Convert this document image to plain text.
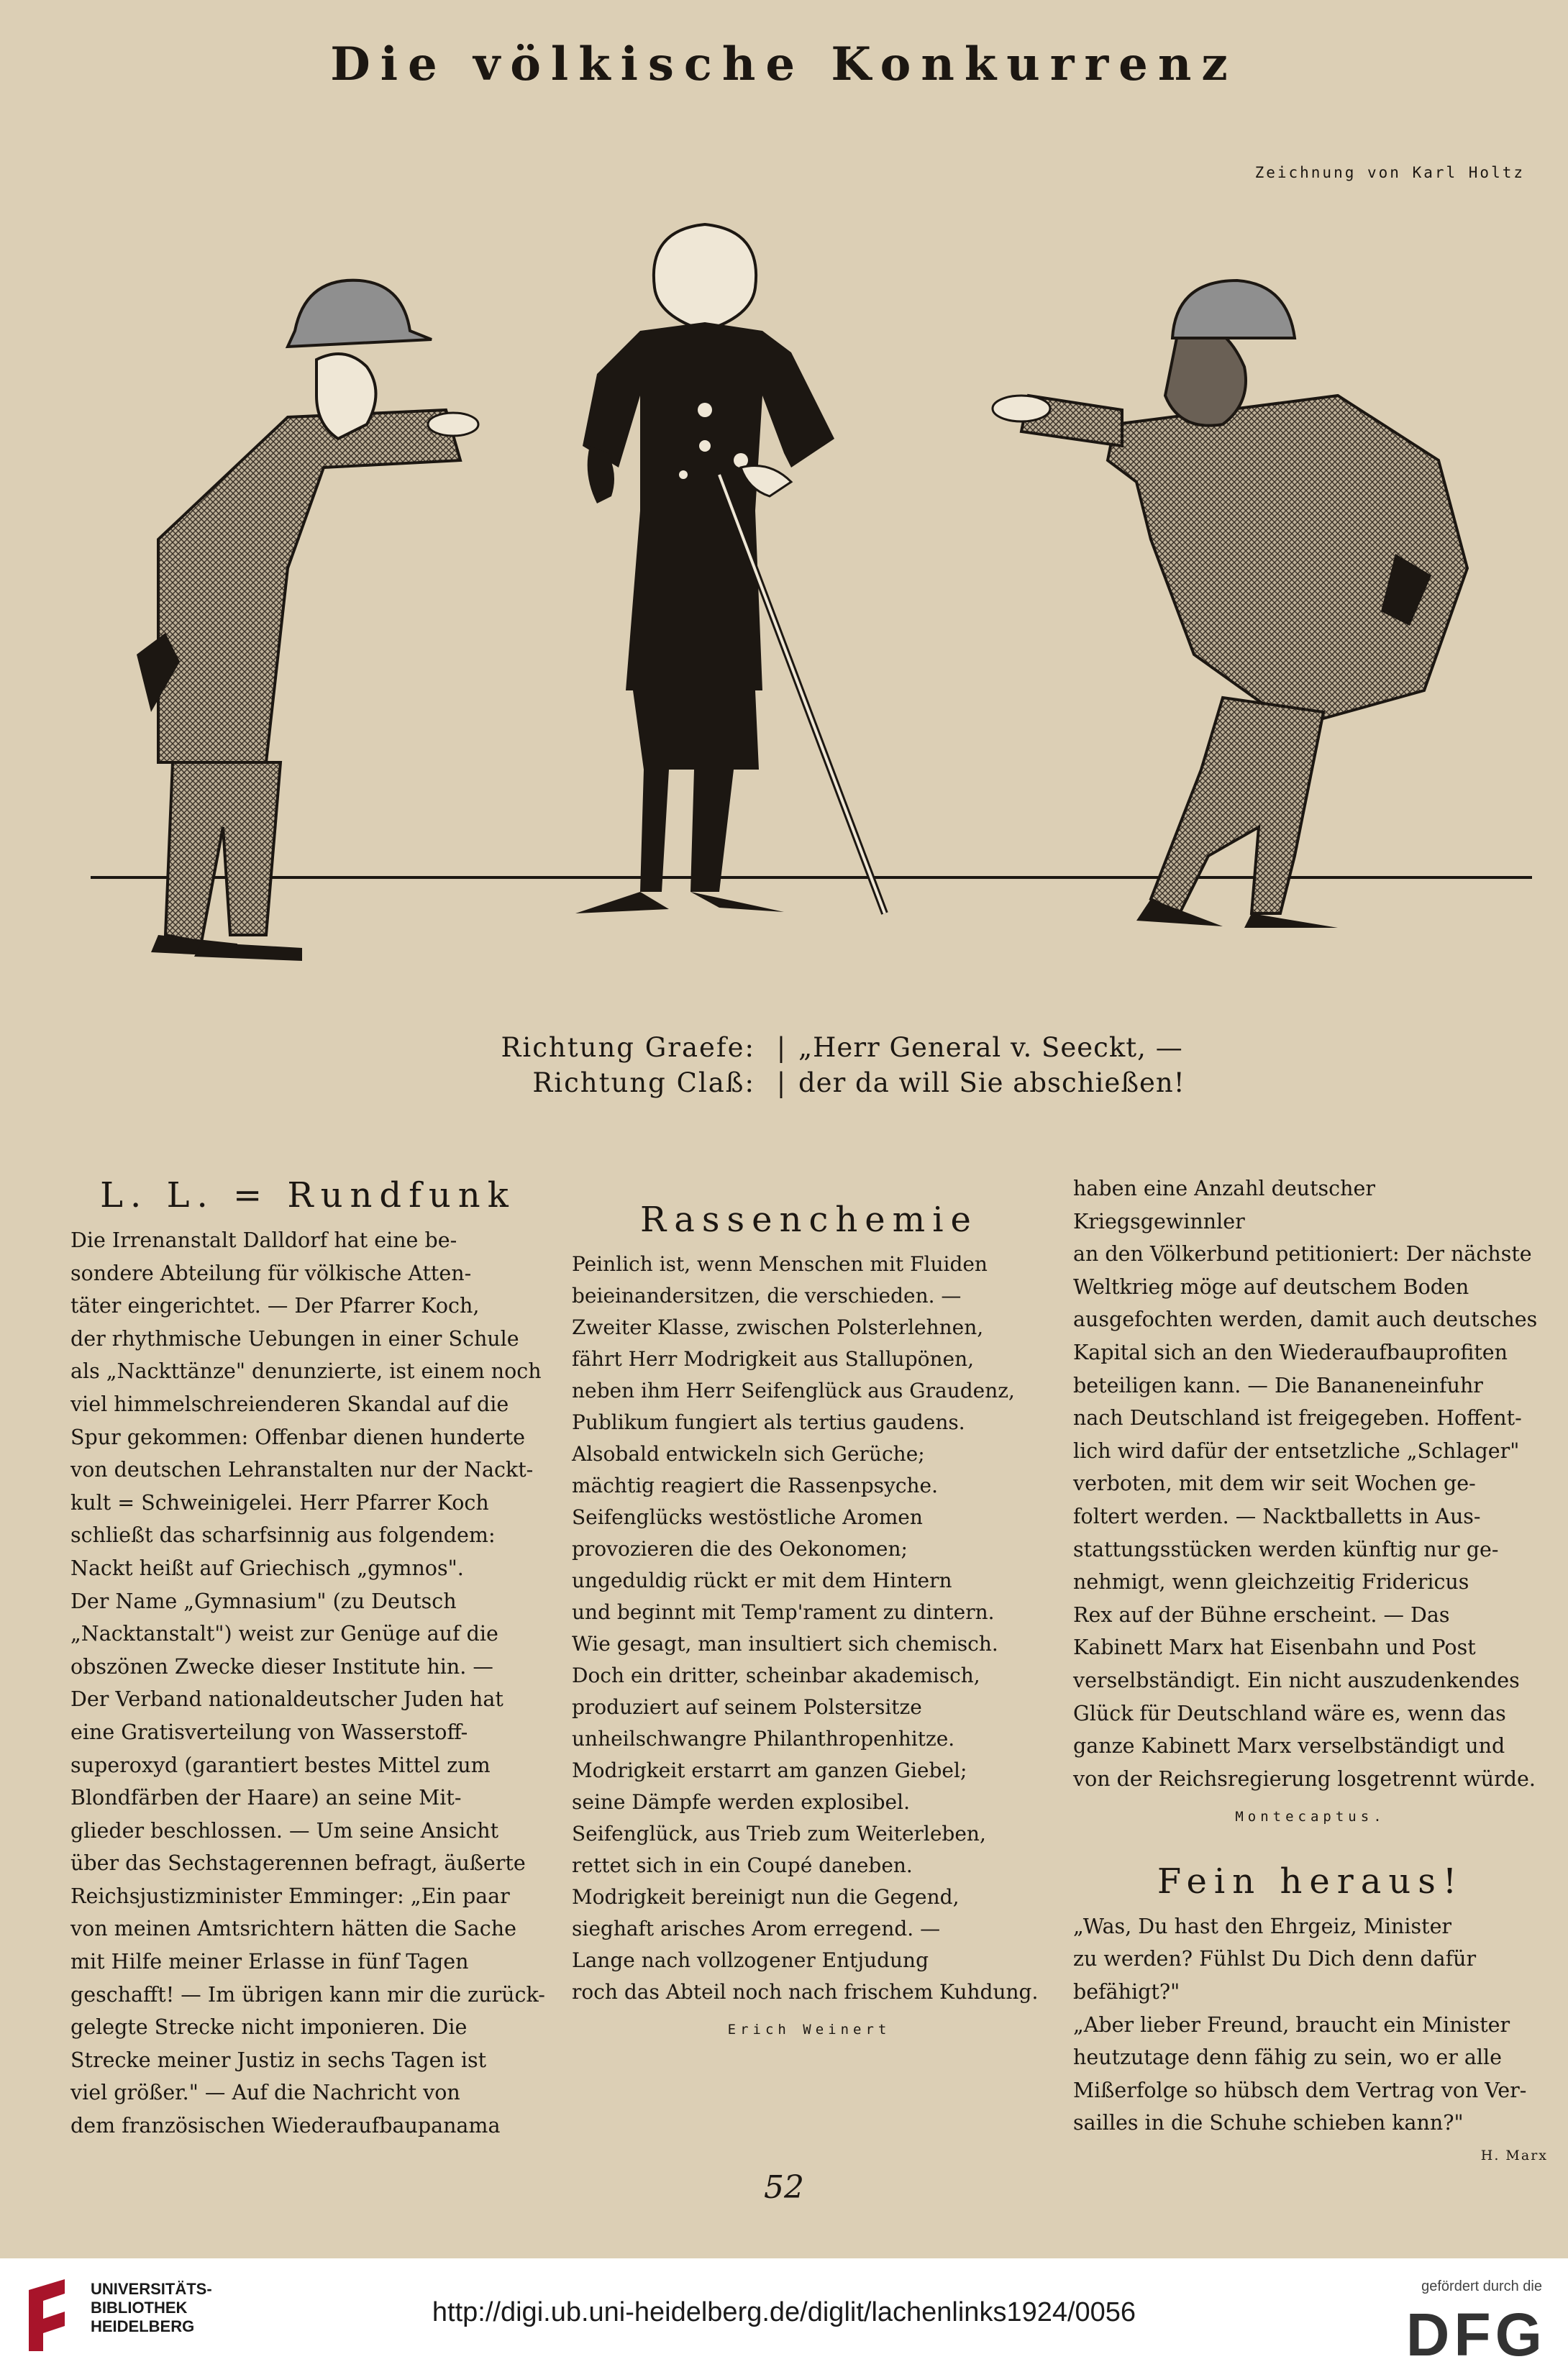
Die völkische Konkurrenz
Zeichnung von Karl Holtz
Richtung Graefe: | „Herr General v. Seeckt, —
Richtung Claß: | der da will Sie abschießen!
L. L. = Rundfunk
Die Irrenanstalt Dalldorf hat eine be-
sondere Abteilung für völkische Atten-
täter eingerichtet. — Der Pfarrer Koch,
der rhythmische Uebungen in einer Schule
als „Nackttänze" denunzierte, ist einem noch
viel himmelschreienderen Skandal auf die
Spur gekommen: Offenbar dienen hunderte
von deutschen Lehranstalten nur der Nackt-
kult = Schweinigelei. Herr Pfarrer Koch
schließt das scharfsinnig aus folgendem:
Nackt heißt auf Griechisch „gymnos".
Der Name „Gymnasium" (zu Deutsch
„Nacktanstalt") weist zur Genüge auf die
obszönen Zwecke dieser Institute hin. —
Der Verband nationaldeutscher Juden hat
eine Gratisverteilung von Wasserstoff-
superoxyd (garantiert bestes Mittel zum
Blondfärben der Haare) an seine Mit-
glieder beschlossen. — Um seine Ansicht
über das Sechstagerennen befragt, äußerte
Reichsjustizminister Emminger: „Ein paar
von meinen Amtsrichtern hätten die Sache
mit Hilfe meiner Erlasse in fünf Tagen
geschafft! — Im übrigen kann mir die zurück-
gelegte Strecke nicht imponieren. Die
Strecke meiner Justiz in sechs Tagen ist
viel größer." — Auf die Nachricht von
dem französischen Wiederaufbaupanama
Rassenchemie
Peinlich ist, wenn Menschen mit Fluiden
beieinandersitzen, die verschieden. —
Zweiter Klasse, zwischen Polsterlehnen,
fährt Herr Modrigkeit aus Stallupönen,
neben ihm Herr Seifenglück aus Graudenz,
Publikum fungiert als tertius gaudens.
Alsobald entwickeln sich Gerüche;
mächtig reagiert die Rassenpsyche.
Seifenglücks westöstliche Aromen
provozieren die des Oekonomen;
ungeduldig rückt er mit dem Hintern
und beginnt mit Temp'rament zu dintern.
Wie gesagt, man insultiert sich chemisch.
Doch ein dritter, scheinbar akademisch,
produziert auf seinem Polstersitze
unheilschwangre Philanthropenhitze.
Modrigkeit erstarrt am ganzen Giebel;
seine Dämpfe werden explosibel.
Seifenglück, aus Trieb zum Weiterleben,
rettet sich in ein Coupé daneben.
Modrigkeit bereinigt nun die Gegend,
sieghaft arisches Arom erregend. —
Lange nach vollzogener Entjudung
roch das Abteil noch nach frischem Kuhdung.
Erich Weinert
haben eine Anzahl deutscher Kriegsgewinnler
an den Völkerbund petitioniert: Der nächste
Weltkrieg möge auf deutschem Boden
ausgefochten werden, damit auch deutsches
Kapital sich an den Wiederaufbauprofiten
beteiligen kann. — Die Bananeneinfuhr
nach Deutschland ist freigegeben. Hoffent-
lich wird dafür der entsetzliche „Schlager"
verboten, mit dem wir seit Wochen ge-
foltert werden. — Nacktballetts in Aus-
stattungsstücken werden künftig nur ge-
nehmigt, wenn gleichzeitig Fridericus
Rex auf der Bühne erscheint. — Das
Kabinett Marx hat Eisenbahn und Post
verselbständigt. Ein nicht auszudenkendes
Glück für Deutschland wäre es, wenn das
ganze Kabinett Marx verselbständigt und
von der Reichsregierung losgetrennt würde.
Montecaptus.
Fein heraus!
„Was, Du hast den Ehrgeiz, Minister
zu werden? Fühlst Du Dich denn dafür
befähigt?"
„Aber lieber Freund, braucht ein Minister
heutzutage denn fähig zu sein, wo er alle
Mißerfolge so hübsch dem Vertrag von Ver-
sailles in die Schuhe schieben kann?"
H. Marx
52
UNIVERSITÄTS-
BIBLIOTHEK
HEIDELBERG	http://digi.ub.uni-heidelberg.de/diglit/lachenlinks1924/0056
gefördert durch die
DFG
